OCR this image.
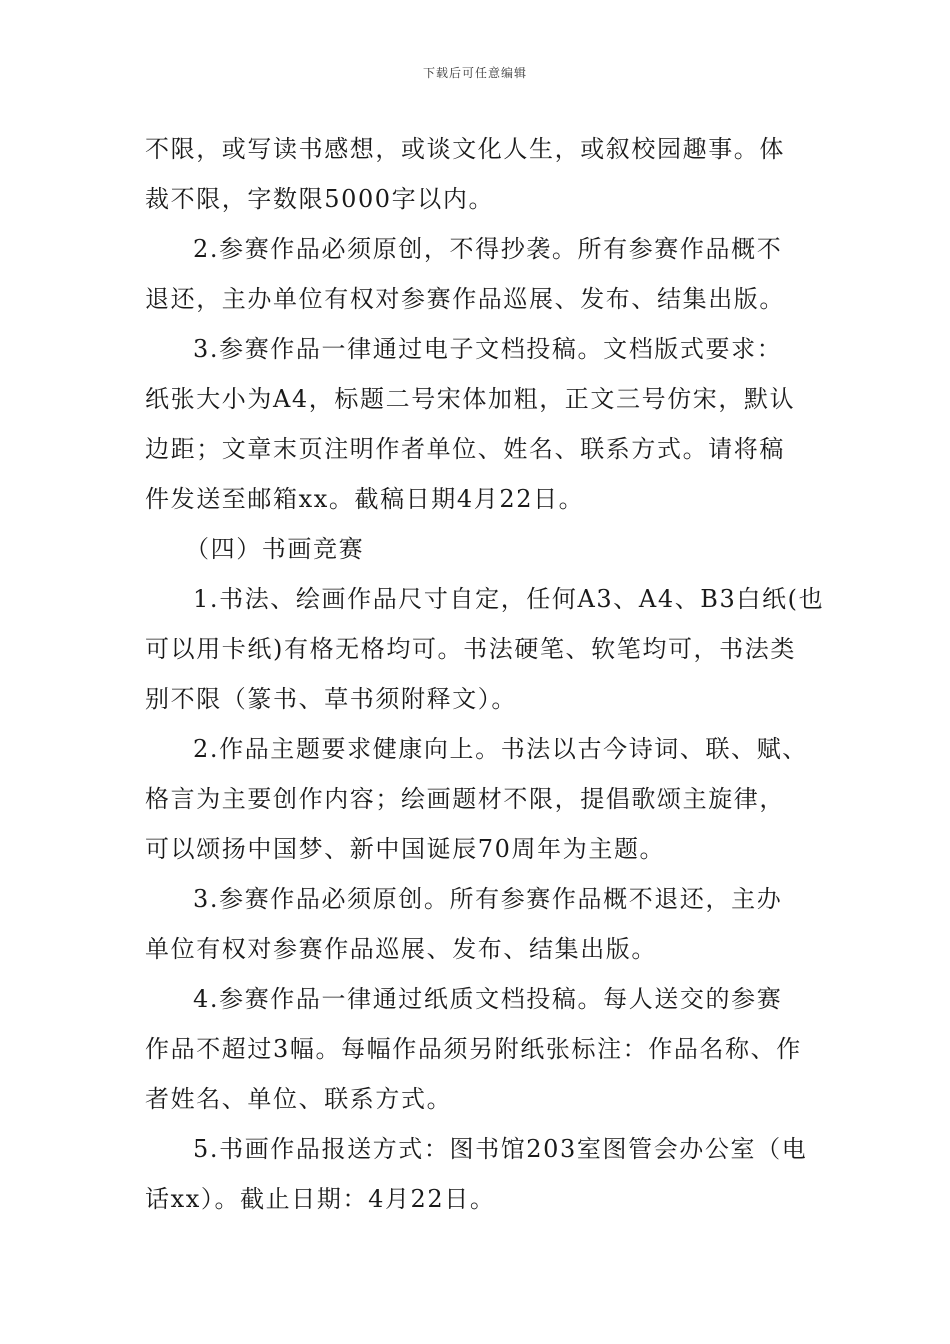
下载后可任意编辑
不限，或写读书感想，或谈文化人生，或叙校园趣事。体
裁不限，字数限5000字以内。
2.参赛作品必须原创，不得抄袭。所有参赛作品概不
退还，主办单位有权对参赛作品巡展、发布、结集出版。
3.参赛作品一律通过电子文档投稿。文档版式要求：
纸张大小为A4，标题二号宋体加粗，正文三号仿宋，默认
边距；文章末页注明作者单位、姓名、联系方式。请将稿
件发送至邮箱xx。截稿日期4月22日。
（四）书画竞赛
1.书法、绘画作品尺寸自定，任何A3、A4、B3白纸(也
可以用卡纸)有格无格均可。书法硬笔、软笔均可，书法类
别不限（篆书、草书须附释文）。
2.作品主题要求健康向上。书法以古今诗词、联、赋、
格言为主要创作内容；绘画题材不限，提倡歌颂主旋律，
可以颂扬中国梦、新中国诞辰70周年为主题。
3.参赛作品必须原创。所有参赛作品概不退还，主办
单位有权对参赛作品巡展、发布、结集出版。
4.参赛作品一律通过纸质文档投稿。每人送交的参赛
作品不超过3幅。每幅作品须另附纸张标注：作品名称、作
者姓名、单位、联系方式。
5.书画作品报送方式：图书馆203室图管会办公室（电
话xx）。截止日期：4月22日。
